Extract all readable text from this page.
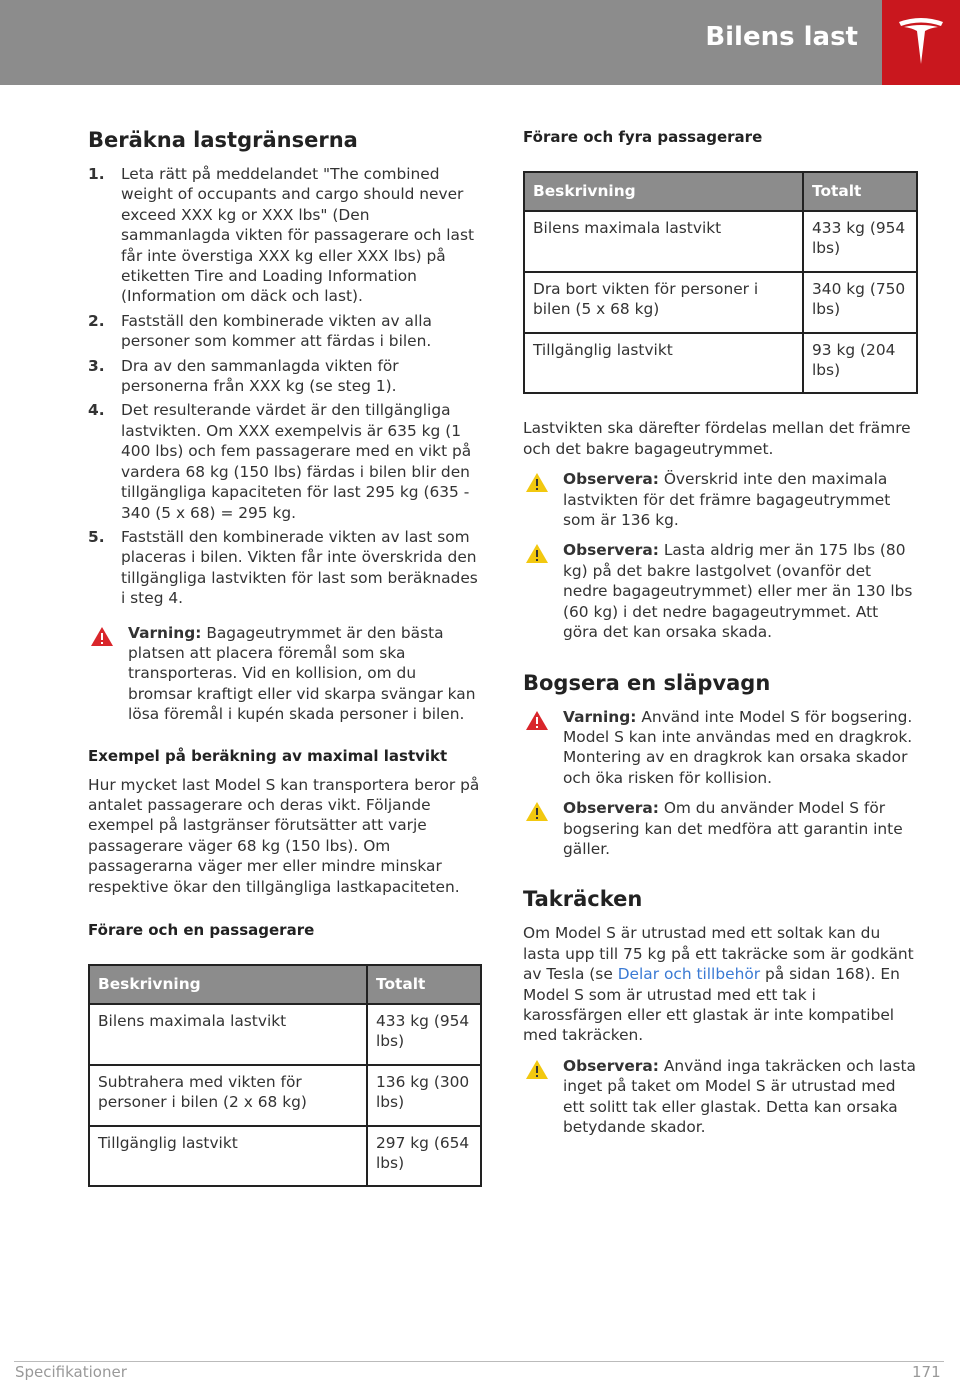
Bilens last
Beräkna lastgränserna
1. Leta rätt på meddelandet "The combined weight of occupants and cargo should never exceed XXX kg or XXX lbs" (Den sammanlagda vikten för passagerare och last får inte överstiga XXX kg eller XXX lbs) på etiketten Tire and Loading Information (Information om däck och last).
2. Fastställ den kombinerade vikten av alla personer som kommer att färdas i bilen.
3. Dra av den sammanlagda vikten för personerna från XXX kg (se steg 1).
4. Det resulterande värdet är den tillgängliga lastvikten. Om XXX exempelvis är 635 kg (1 400 lbs) och fem passagerare med en vikt på vardera 68 kg (150 lbs) färdas i bilen blir den tillgängliga kapaciteten för last 295 kg (635 - 340 (5 x 68) = 295 kg.
5. Fastställ den kombinerade vikten av last som placeras i bilen. Vikten får inte överskrida den tillgängliga lastvikten för last som beräknades i steg 4.
Varning: Bagageutrymmet är den bästa platsen att placera föremål som ska transporteras. Vid en kollision, om du bromsar kraftigt eller vid skarpa svängar kan lösa föremål i kupén skada personer i bilen.
Exempel på beräkning av maximal lastvikt

Hur mycket last Model S kan transportera beror på antalet passagerare och deras vikt. Följande exempel på lastgränser förutsätter att varje passagerare väger 68 kg (150 lbs). Om passagerarna väger mer eller mindre minskar respektive ökar den tillgängliga lastkapaciteten.

Förare och en passagerare
Beskrivning	Totalt
Bilens maximala lastvikt	433 kg (954 lbs)
Subtrahera med vikten för personer i bilen (2 x 68 kg)	136 kg (300 lbs)
Tillgänglig lastvikt	297 kg (654 lbs)
Förare och fyra passagerare
Beskrivning	Totalt
Bilens maximala lastvikt	433 kg (954 lbs)
Dra bort vikten för personer i bilen (5 x 68 kg)	340 kg (750 lbs)
Tillgänglig lastvikt	93 kg (204 lbs)

Lastvikten ska därefter fördelas mellan det främre och det bakre bagageutrymmet.

Observera: Överskrid inte den maximala lastvikten för det främre bagageutrymmet som är 136 kg.
Observera: Lasta aldrig mer än 175 lbs (80 kg) på det bakre lastgolvet (ovanför det nedre bagageutrymmet) eller mer än 130 lbs (60 kg) i det nedre bagageutrymmet. Att göra det kan orsaka skada.
Bogsera en släpvagn
Varning: Använd inte Model S för bogsering. Model S kan inte användas med en dragkrok. Montering av en dragkrok kan orsaka skador och öka risken för kollision.
Observera: Om du använder Model S för bogsering kan det medföra att garantin inte gäller.
Takräcken

Om Model S är utrustad med ett soltak kan du lasta upp till 75 kg på ett takräcke som är godkänt av Tesla (se Delar och tillbehör på sidan 168). En Model S som är utrustad med ett tak i karossfärgen eller ett glastak är inte kompatibel med takräcken.

Observera: Använd inga takräcken och lasta inget på taket om Model S är utrustad med ett solitt tak eller glastak. Detta kan orsaka betydande skador.
Specifikationer	171
